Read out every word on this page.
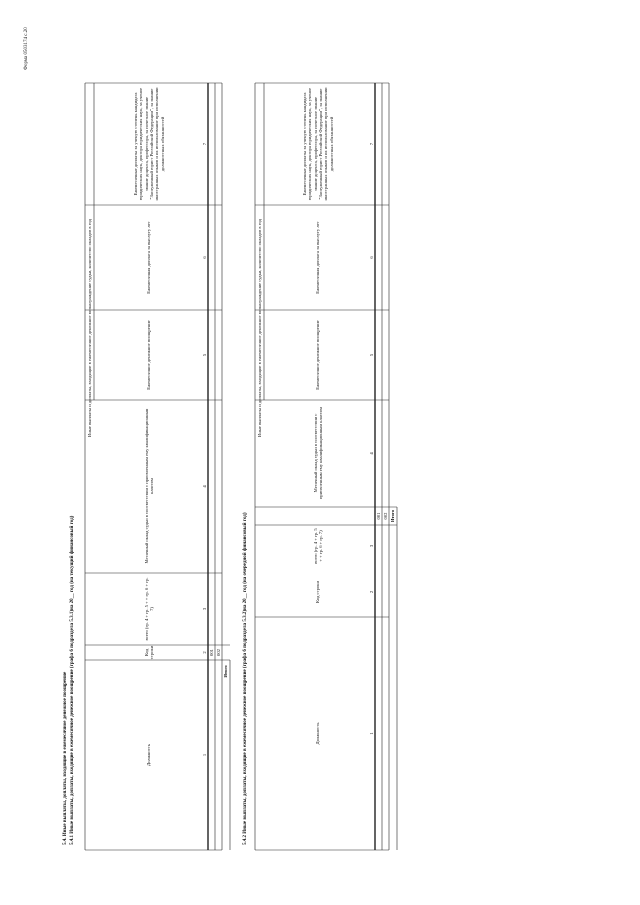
Форма 0503174 с.20
5.4. Иные выплаты, доплаты, входящие в ежемесячное денежное поощрение 5.4.1 Иные выплаты, доплаты, входящие в ежемесячное денежное поощрение (графа 6 подраздела 5.3.1)на 20__ год (на текущий финансовый год)
Иные выплаты и доплаты, входящие в ежемесячное денежное вознаграждение судьи, количество окладов в год
Должность
Код строки
всего (гр. 4 + гр. 5 + + гр. 6 + гр. 7)
Месячный оклад судьи в соответствии с присвоенным ему квалификационным классом
Ежемесячное денежное поощрение
Ежемесячная доплата за выслугу лет
Ежемесячные доплаты за ученую степень кандидата юридических наук, доктора юридических наук, за ученое звание доцента, профессора, за почетное звание "Заслуженный юрист Российской Федерации", за знание иностранных языков и их использование при исполнении должностных обязанностей
1
2
3
4
5
6
7
001 002
Итого	5.4.2 Иные выплаты, доплаты, входящие в ежемесячное денежное поощрение (графа 6 подраздела 5.3.2)на 20__ год (на очередной финансовый год)
Иные выплаты и доплаты, входящие в ежемесячное денежное вознаграждение судьи, количество окладов в год
Должность
Код строки
всего (гр. 4 + гр. 5 + + гр. 6 + гр. 7)
Месячный оклад судьи в соответствии с присвоенным ему квалификационным классом
Ежемесячное денежное поощрение
Ежемесячная доплата за выслугу лет
Ежемесячные доплаты за ученую степень кандидата юридических наук, доктора юридических наук, за ученое звание доцента, профессора, за почетное звание "Заслуженный юрист Российской Федерации", за знание иностранных языков и их использование при исполнении должностных обязанностей
1
2
3
4
5
6
7
001 002 Итого
